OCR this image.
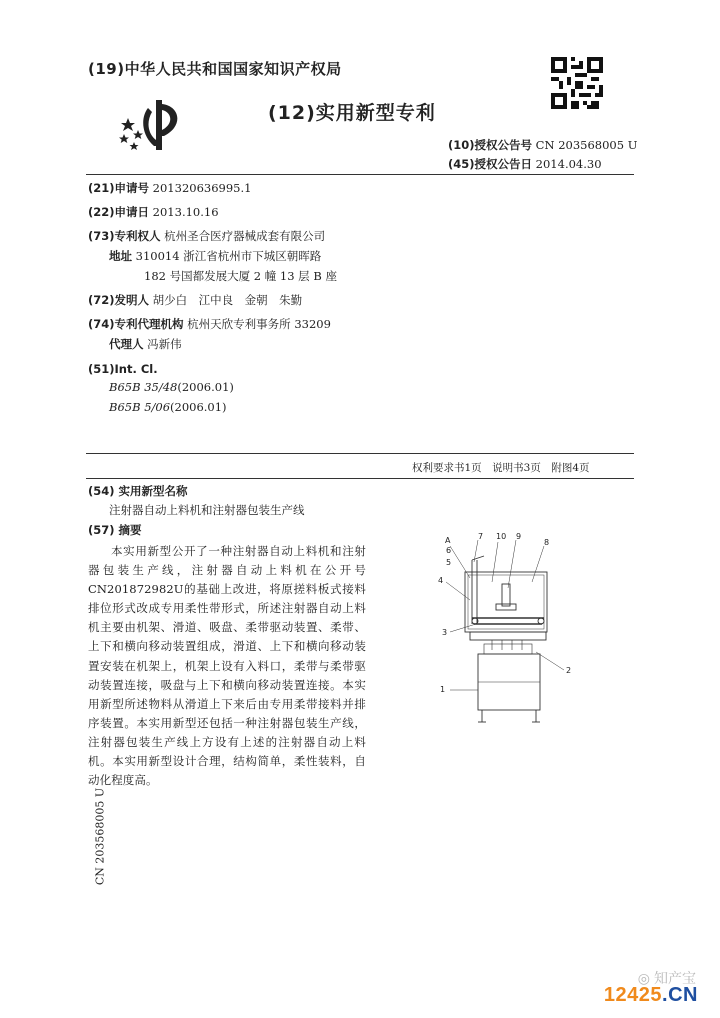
(19)中华人民共和国国家知识产权局
(12)实用新型专利
(10)授权公告号 CN 203568005 U
(45)授权公告日 2014.04.30
(21)申请号 201320636995.1
(22)申请日 2013.10.16
(73)专利权人 杭州圣合医疗器械成套有限公司
地址 310014 浙江省杭州市下城区朝晖路
182 号国都发展大厦 2 幢 13 层 B 座
(72)发明人 胡少白　江中良　金朝　朱勤
(74)专利代理机构 杭州天欣专利事务所 33209
代理人 冯新伟
(51)Int. Cl.
B65B 35/48(2006.01)
B65B 5/06(2006.01)
权利要求书1页　说明书3页　附图4页
(54) 实用新型名称
注射器自动上料机和注射器包装生产线
(57) 摘要
本实用新型公开了一种注射器自动上料机和注射器包装生产线，注射器自动上料机在公开号CN201872982U的基础上改进，将原搓料板式接料排位形式改成专用柔性带形式，所述注射器自动上料机主要由机架、滑道、吸盘、柔带驱动装置、柔带、上下和横向移动装置组成，滑道、上下和横向移动装置安装在机架上，机架上设有入料口，柔带与柔带驱动装置连接，吸盘与上下和横向移动装置连接。本实用新型所述物料从滑道上下来后由专用柔带接料并排序装置。本实用新型还包括一种注射器包装生产线，注射器包装生产线上方设有上述的注射器自动上料机。本实用新型设计合理，结构简单，柔性装料，自动化程度高。
A	7 10 9
8
6
5
4
3
2
1
CN 203568005 U
◎ 知产宝
12425.CN
